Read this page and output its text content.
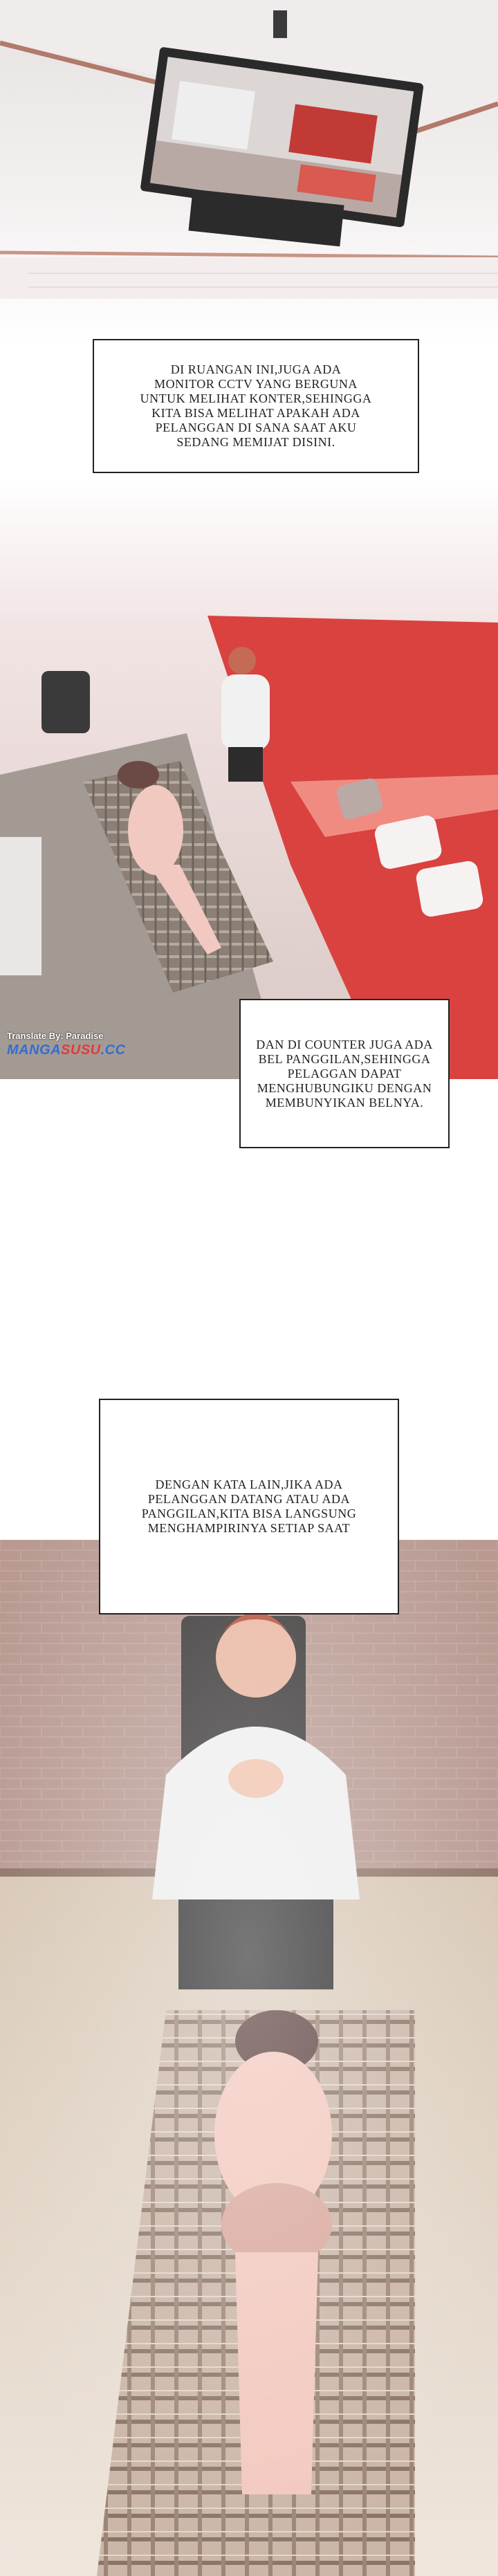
DI RUANGAN INI,JUGA ADA
MONITOR CCTV YANG BERGUNA
UNTUK MELIHAT KONTER,SEHINGGA
KITA BISA MELIHAT APAKAH ADA
PELANGGAN DI SANA SAAT AKU
SEDANG MEMIJAT DISINI.
Translate By: Paradise
MANGASUSU.CC	DAN DI COUNTER JUGA ADA
BEL PANGGILAN,SEHINGGA
PELAGGAN DAPAT
MENGHUBUNGIKU DENGAN
MEMBUNYIKAN BELNYA.
DENGAN KATA LAIN,JIKA ADA
PELANGGAN DATANG ATAU ADA
PANGGILAN,KITA BISA LANGSUNG
MENGHAMPIRINYA SETIAP SAAT
